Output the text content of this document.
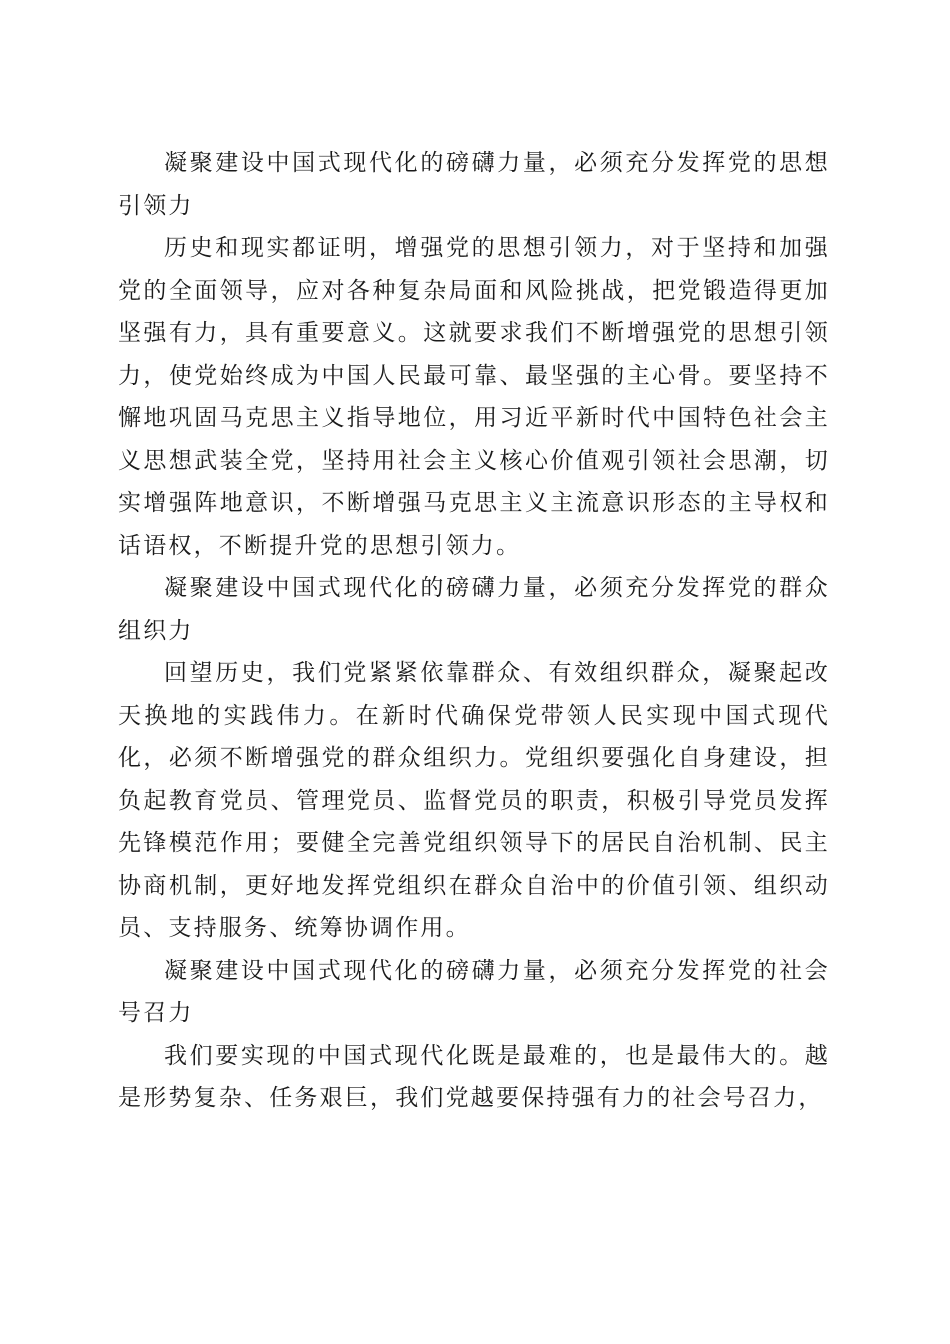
凝聚建设中国式现代化的磅礴力量，必须充分发挥党的思想引领力

历史和现实都证明，增强党的思想引领力，对于坚持和加强党的全面领导，应对各种复杂局面和风险挑战，把党锻造得更加坚强有力，具有重要意义。这就要求我们不断增强党的思想引领力，使党始终成为中国人民最可靠、最坚强的主心骨。要坚持不懈地巩固马克思主义指导地位，用习近平新时代中国特色社会主义思想武装全党，坚持用社会主义核心价值观引领社会思潮，切实增强阵地意识，不断增强马克思主义主流意识形态的主导权和话语权，不断提升党的思想引领力。

凝聚建设中国式现代化的磅礴力量，必须充分发挥党的群众组织力

回望历史，我们党紧紧依靠群众、有效组织群众，凝聚起改天换地的实践伟力。在新时代确保党带领人民实现中国式现代化，必须不断增强党的群众组织力。党组织要强化自身建设，担负起教育党员、管理党员、监督党员的职责，积极引导党员发挥先锋模范作用；要健全完善党组织领导下的居民自治机制、民主协商机制，更好地发挥党组织在群众自治中的价值引领、组织动员、支持服务、统筹协调作用。

凝聚建设中国式现代化的磅礴力量，必须充分发挥党的社会号召力

我们要实现的中国式现代化既是最难的，也是最伟大的。越是形势复杂、任务艰巨，我们党越要保持强有力的社会号召力，
